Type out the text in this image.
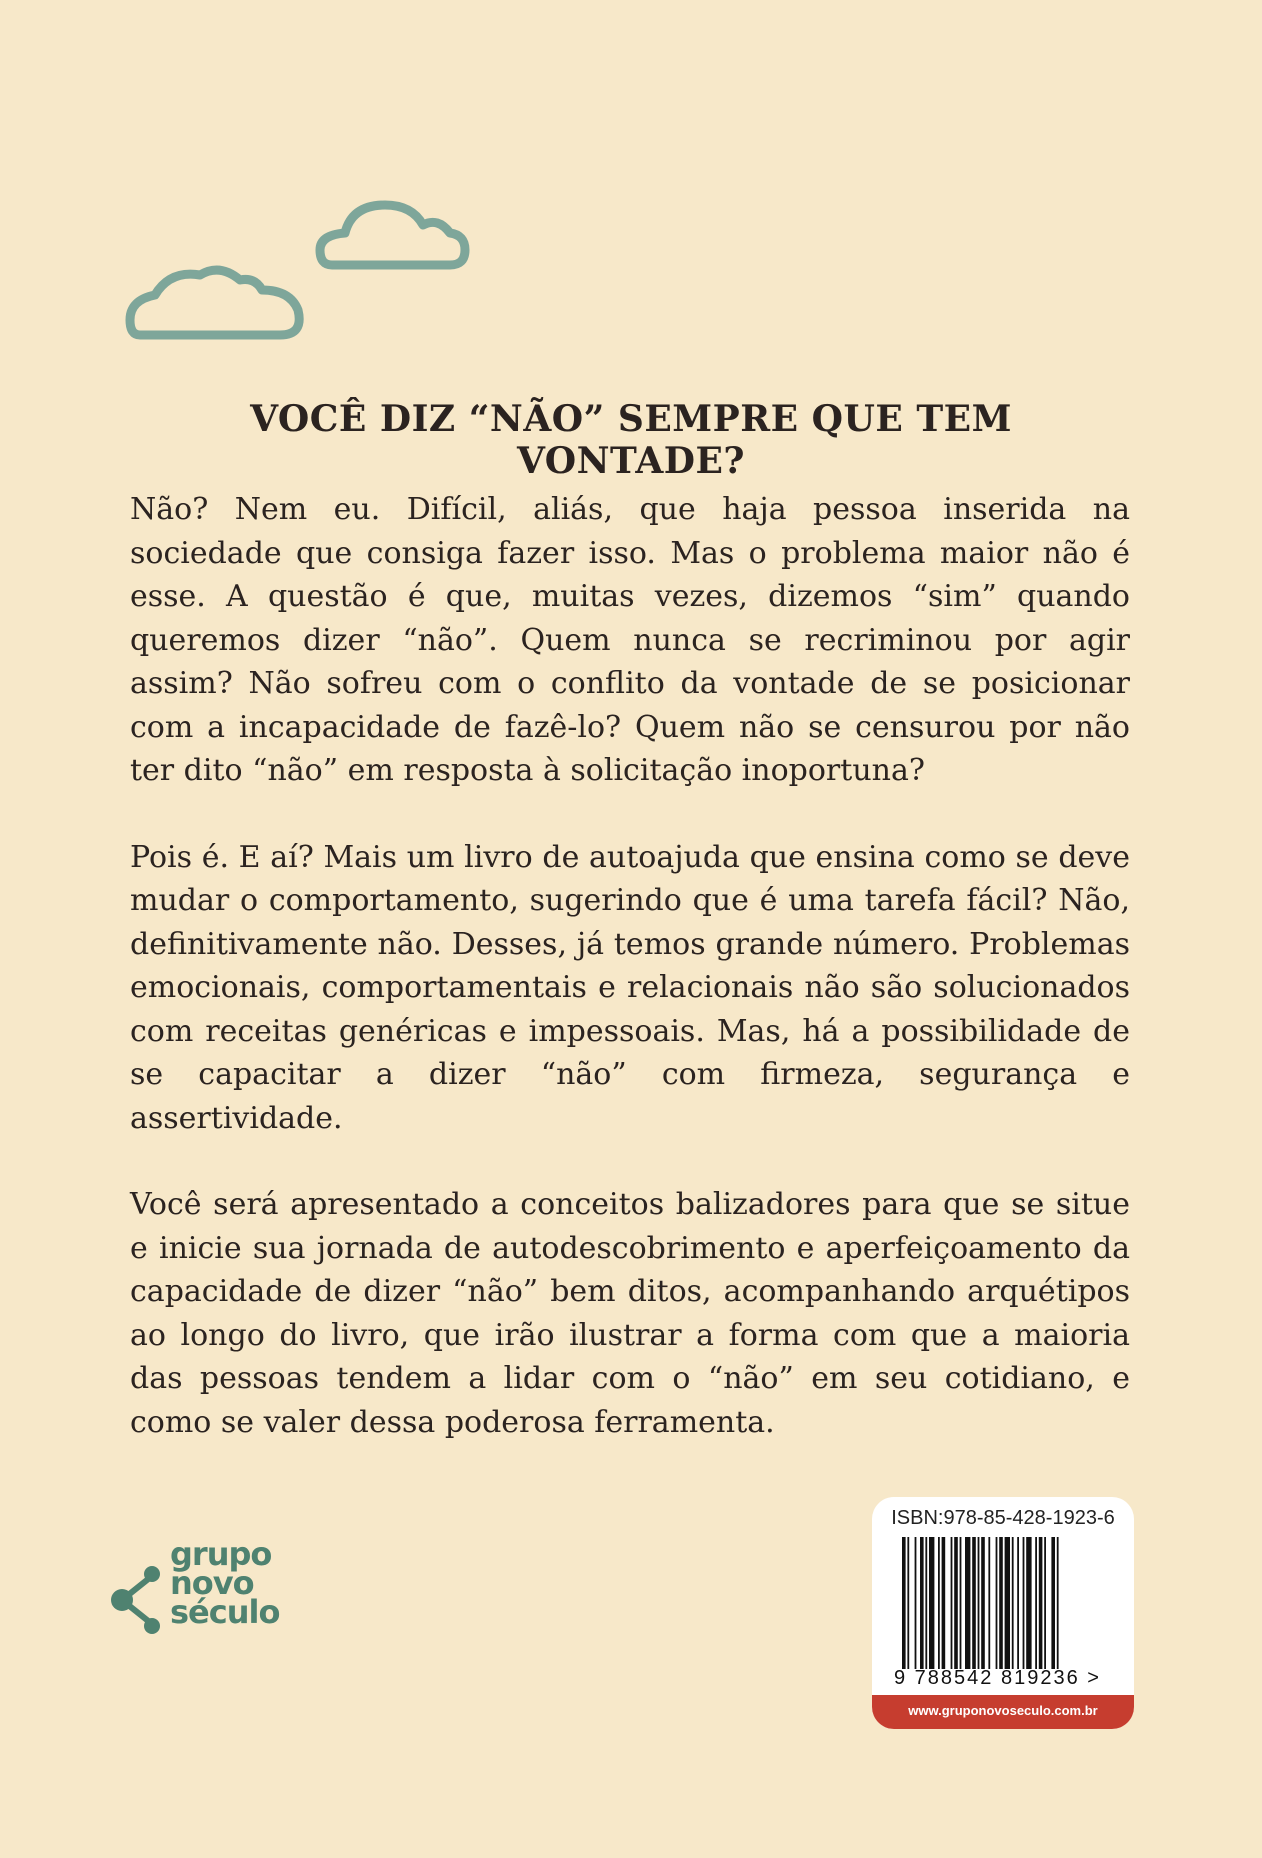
VOCÊ DIZ “NÃO” SEMPRE QUE TEM VONTADE?

Não? Nem eu. Difícil, aliás, que haja pessoa inserida na sociedade que consiga fazer isso. Mas o problema maior não é esse. A questão é que, muitas vezes, dizemos “sim” quando queremos dizer “não”. Quem nunca se recriminou por agir assim? Não sofreu com o conflito da vontade de se posicionar com a incapacidade de fazê-lo? Quem não se censurou por não ter dito “não” em resposta à solicitação inoportuna?

Pois é. E aí? Mais um livro de autoajuda que ensina como se deve mudar o comportamento, sugerindo que é uma tarefa fácil? Não, definitivamente não. Desses, já temos grande número. Problemas emocionais, comportamentais e relacionais não são solucionados com receitas genéricas e impessoais. Mas, há a possibilidade de se capacitar a dizer “não” com firmeza, segurança e assertividade.

Você será apresentado a conceitos balizadores para que se situe e inicie sua jornada de autodescobrimento e aperfeiçoamento da capacidade de dizer “não” bem ditos, acompanhando arquétipos ao longo do livro, que irão ilustrar a forma com que a maioria das pessoas tendem a lidar com o “não” em seu cotidiano, e como se valer dessa poderosa ferramenta.

grupo
novo
século

ISBN:978-85-428-1923-6

9 788542 819236 >

www.gruponovoseculo.com.br
